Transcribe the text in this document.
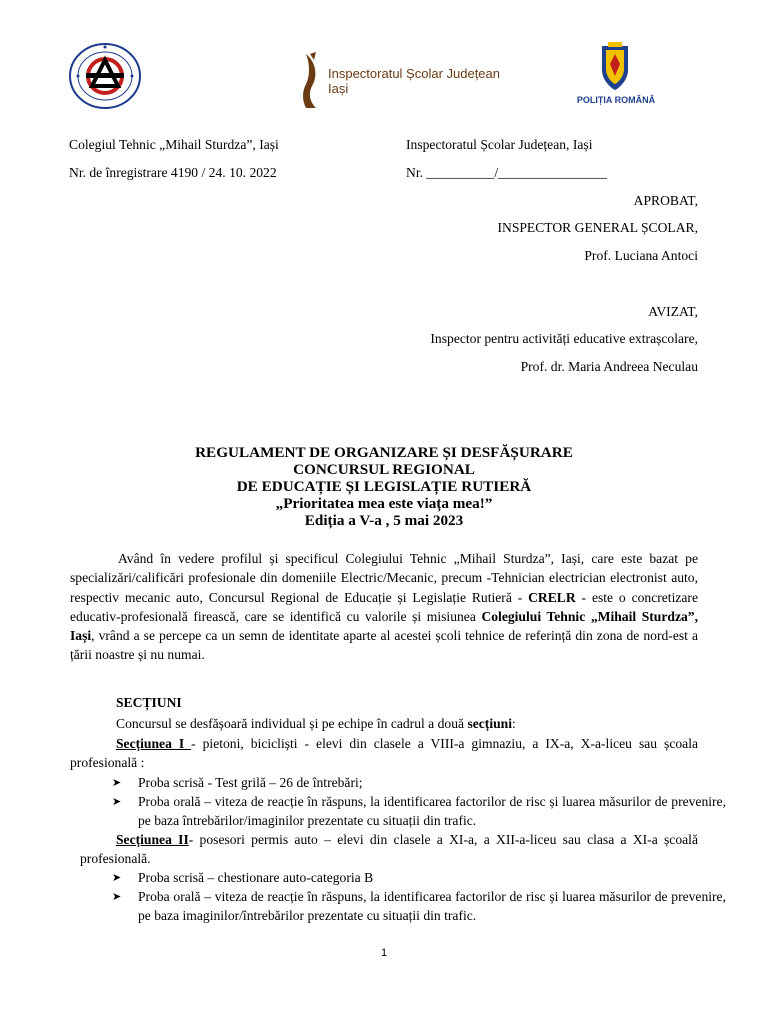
Inspectoratul Școlar Județean
Iași
POLIȚIA ROMÂNĂ
Colegiul Tehnic „Mihail Sturdza”, Iași
Nr. de înregistrare 4190 / 24. 10. 2022
Inspectoratul Școlar Județean, Iași
Nr. __________/________________
APROBAT,
INSPECTOR GENERAL ȘCOLAR,
Prof. Luciana Antoci
AVIZAT,
Inspector pentru activități educative extrașcolare,
Prof. dr. Maria Andreea Neculau
REGULAMENT DE ORGANIZARE ȘI DESFĂȘURARE
CONCURSUL REGIONAL
DE EDUCAȚIE ȘI LEGISLAȚIE RUTIERĂ
„Prioritatea mea este viața mea!”
Ediția a V-a , 5 mai 2023
Având în vedere profilul și specificul Colegiului Tehnic „Mihail Sturdza”, Iași, care este bazat pe specializări/calificări profesionale din domeniile Electric/Mecanic, precum -Tehnician electrician electronist auto, respectiv mecanic auto, Concursul Regional de Educație și Legislație Rutieră - CRELR - este o concretizare educativ-profesională firească, care se identifică cu valorile și misiunea Colegiului Tehnic „Mihail Sturdza”, Iași, vrând a se percepe ca un semn de identitate aparte al acestei școli tehnice de referință din zona de nord-est a țării noastre și nu numai.
SECȚIUNI
Concursul se desfășoară individual și pe echipe în cadrul a două secțiuni:
Secțiunea I - pietoni, bicicliști - elevi din clasele a VIII-a gimnaziu, a IX-a, X-a-liceu sau școala profesională :
➤ Proba scrisă - Test grilă – 26 de întrebări;
➤ Proba orală – viteza de reacție în răspuns, la identificarea factorilor de risc și luarea măsurilor de prevenire, pe baza întrebărilor/imaginilor prezentate cu situații din trafic.
Secțiunea II- posesori permis auto – elevi din clasele a XI-a, a XII-a-liceu sau clasa a XI-a școală profesională.
➤ Proba scrisă – chestionare auto-categoria B
➤ Proba orală – viteza de reacție în răspuns, la identificarea factorilor de risc și luarea măsurilor de prevenire, pe baza imaginilor/întrebărilor prezentate cu situații din trafic.
1
